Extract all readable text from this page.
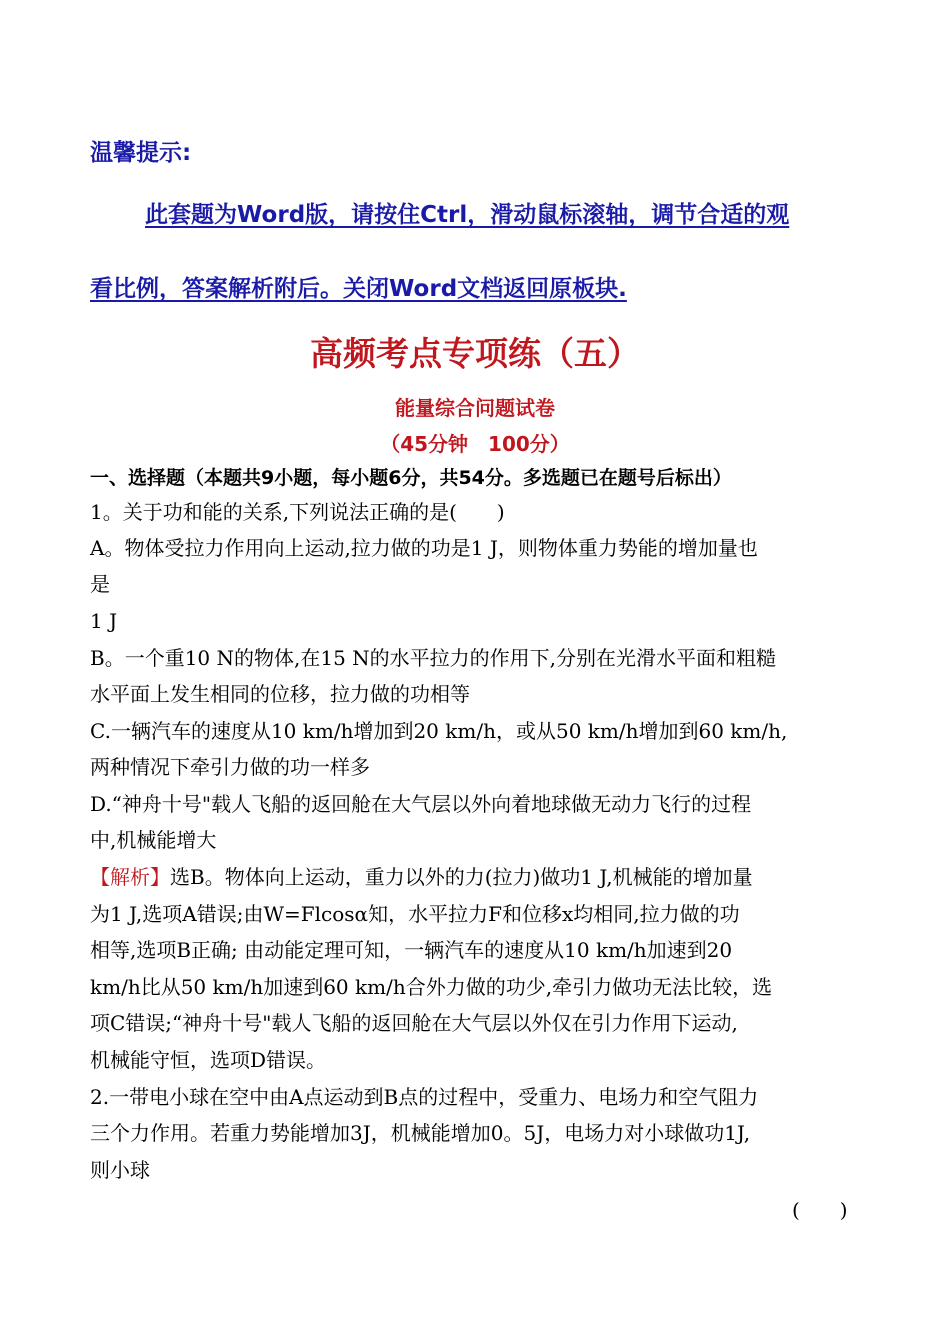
温馨提示:
此套题为Word版，请按住Ctrl，滑动鼠标滚轴，调节合适的观
看比例，答案解析附后。关闭Word文档返回原板块.
高频考点专项练（五）
能量综合问题试卷
（45分钟　100分）
一、选择题（本题共9小题，每小题6分，共54分。多选题已在题号后标出）
1。关于功和能的关系,下列说法正确的是(　　)
A。物体受拉力作用向上运动,拉力做的功是1 J，则物体重力势能的增加量也
是
1 J
B。一个重10 N的物体,在15 N的水平拉力的作用下,分别在光滑水平面和粗糙
水平面上发生相同的位移，拉力做的功相等
C.一辆汽车的速度从10 km/h增加到20 km/h，或从50 km/h增加到60 km/h,
两种情况下牵引力做的功一样多
D.“神舟十号"载人飞船的返回舱在大气层以外向着地球做无动力飞行的过程
中,机械能增大
【解析】选B。物体向上运动，重力以外的力(拉力)做功1 J,机械能的增加量
为1 J,选项A错误;由W=Flcosα知，水平拉力F和位移x均相同,拉力做的功
相等,选项B正确; 由动能定理可知，一辆汽车的速度从10 km/h加速到20
km/h比从50 km/h加速到60 km/h合外力做的功少,牵引力做功无法比较，选
项C错误;“神舟十号"载人飞船的返回舱在大气层以外仅在引力作用下运动,
机械能守恒，选项D错误。
2.一带电小球在空中由A点运动到B点的过程中，受重力、电场力和空气阻力
三个力作用。若重力势能增加3J，机械能增加0。5J，电场力对小球做功1J,
则小球
(　　)
